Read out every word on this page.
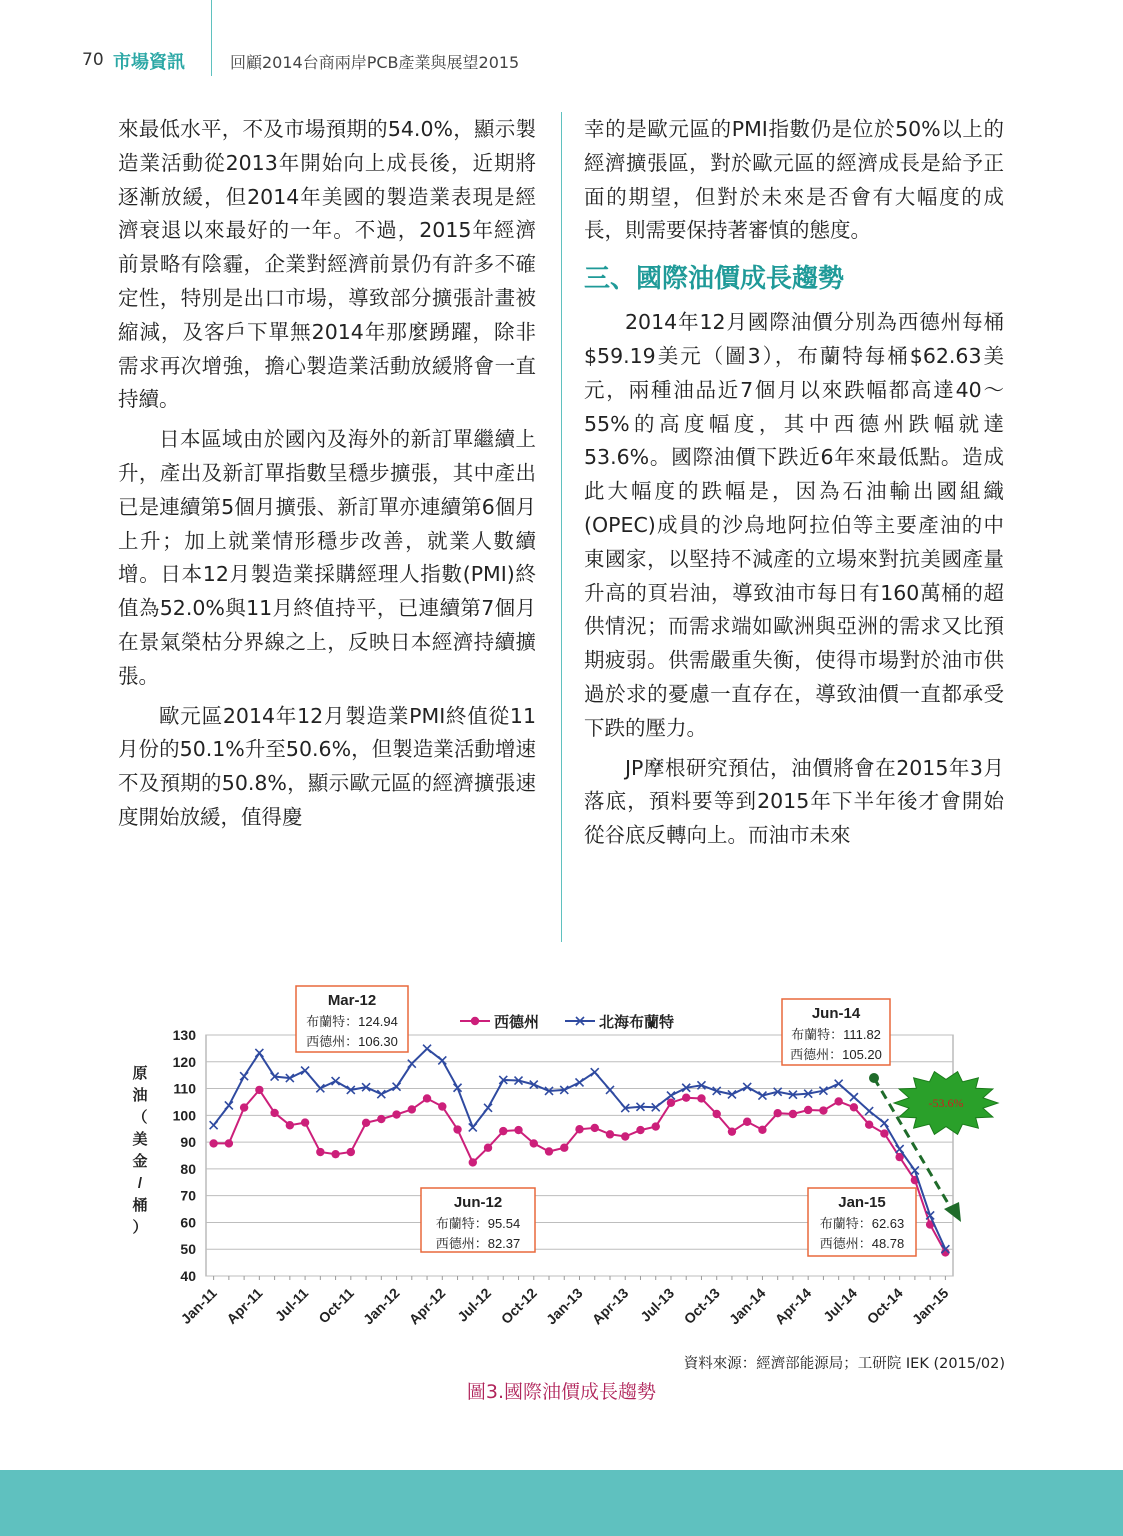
70 市場資訊	回顧2014台商兩岸PCB產業與展望2015

來最低水平，不及市場預期的54.0%，顯示製造業活動從2013年開始向上成長後，近期將逐漸放緩，但2014年美國的製造業表現是經濟衰退以來最好的一年。不過，2015年經濟前景略有陰霾，企業對經濟前景仍有許多不確定性，特別是出口市場，導致部分擴張計畫被縮減，及客戶下單無2014年那麼踴躍，除非需求再次增強，擔心製造業活動放緩將會一直持續。

日本區域由於國內及海外的新訂單繼續上升，產出及新訂單指數呈穩步擴張，其中產出已是連續第5個月擴張、新訂單亦連續第6個月上升；加上就業情形穩步改善，就業人數續增。日本12月製造業採購經理人指數(PMI)終值為52.0%與11月終值持平，已連續第7個月在景氣榮枯分界線之上，反映日本經濟持續擴張。

歐元區2014年12月製造業PMI終值從11月份的50.1%升至50.6%，但製造業活動增速不及預期的50.8%，顯示歐元區的經濟擴張速度開始放緩，值得慶

幸的是歐元區的PMI指數仍是位於50%以上的經濟擴張區，對於歐元區的經濟成長是給予正面的期望，但對於未來是否會有大幅度的成長，則需要保持著審慎的態度。

三、國際油價成長趨勢

2014年12月國際油價分別為西德州每桶$59.19美元（圖3），布蘭特每桶$62.63美元，兩種油品近7個月以來跌幅都高達40～55%的高度幅度，其中西德州跌幅就達53.6%。國際油價下跌近6年來最低點。造成此大幅度的跌幅是，因為石油輸出國組織(OPEC)成員的沙烏地阿拉伯等主要產油的中東國家，以堅持不減產的立場來對抗美國產量升高的頁岩油，導致油市每日有160萬桶的超供情況；而需求端如歐洲與亞洲的需求又比預期疲弱。供需嚴重失衡，使得市場對於油市供過於求的憂慮一直存在，導致油價一直都承受下跌的壓力。

JP摩根研究預估，油價將會在2015年3月落底，預料要等到2015年下半年後才會開始從谷底反轉向上。而油市未來

40
50
60
70
80
90
100
110
120
130
Jan-11 Apr-11 Jul-11 Oct-11 Jan-12 Apr-12 Jul-12 Oct-12 Jan-13 Apr-13 Jul-13 Oct-13 Jan-14 Apr-14 Jul-14 Oct-14 Jan-15
原
油
（
美
金
/
桶
）
西德州	北海布蘭特
Mar-12
布蘭特：124.94
西德州：106.30
Jun-12
布蘭特：95.54
西德州：82.37
Jun-14
布蘭特：111.82
西德州：105.20
Jan-15
布蘭特：62.63
西德州：48.78
-53.6%
資料來源：經濟部能源局；工研院 IEK (2015/02)
圖3.國際油價成長趨勢
